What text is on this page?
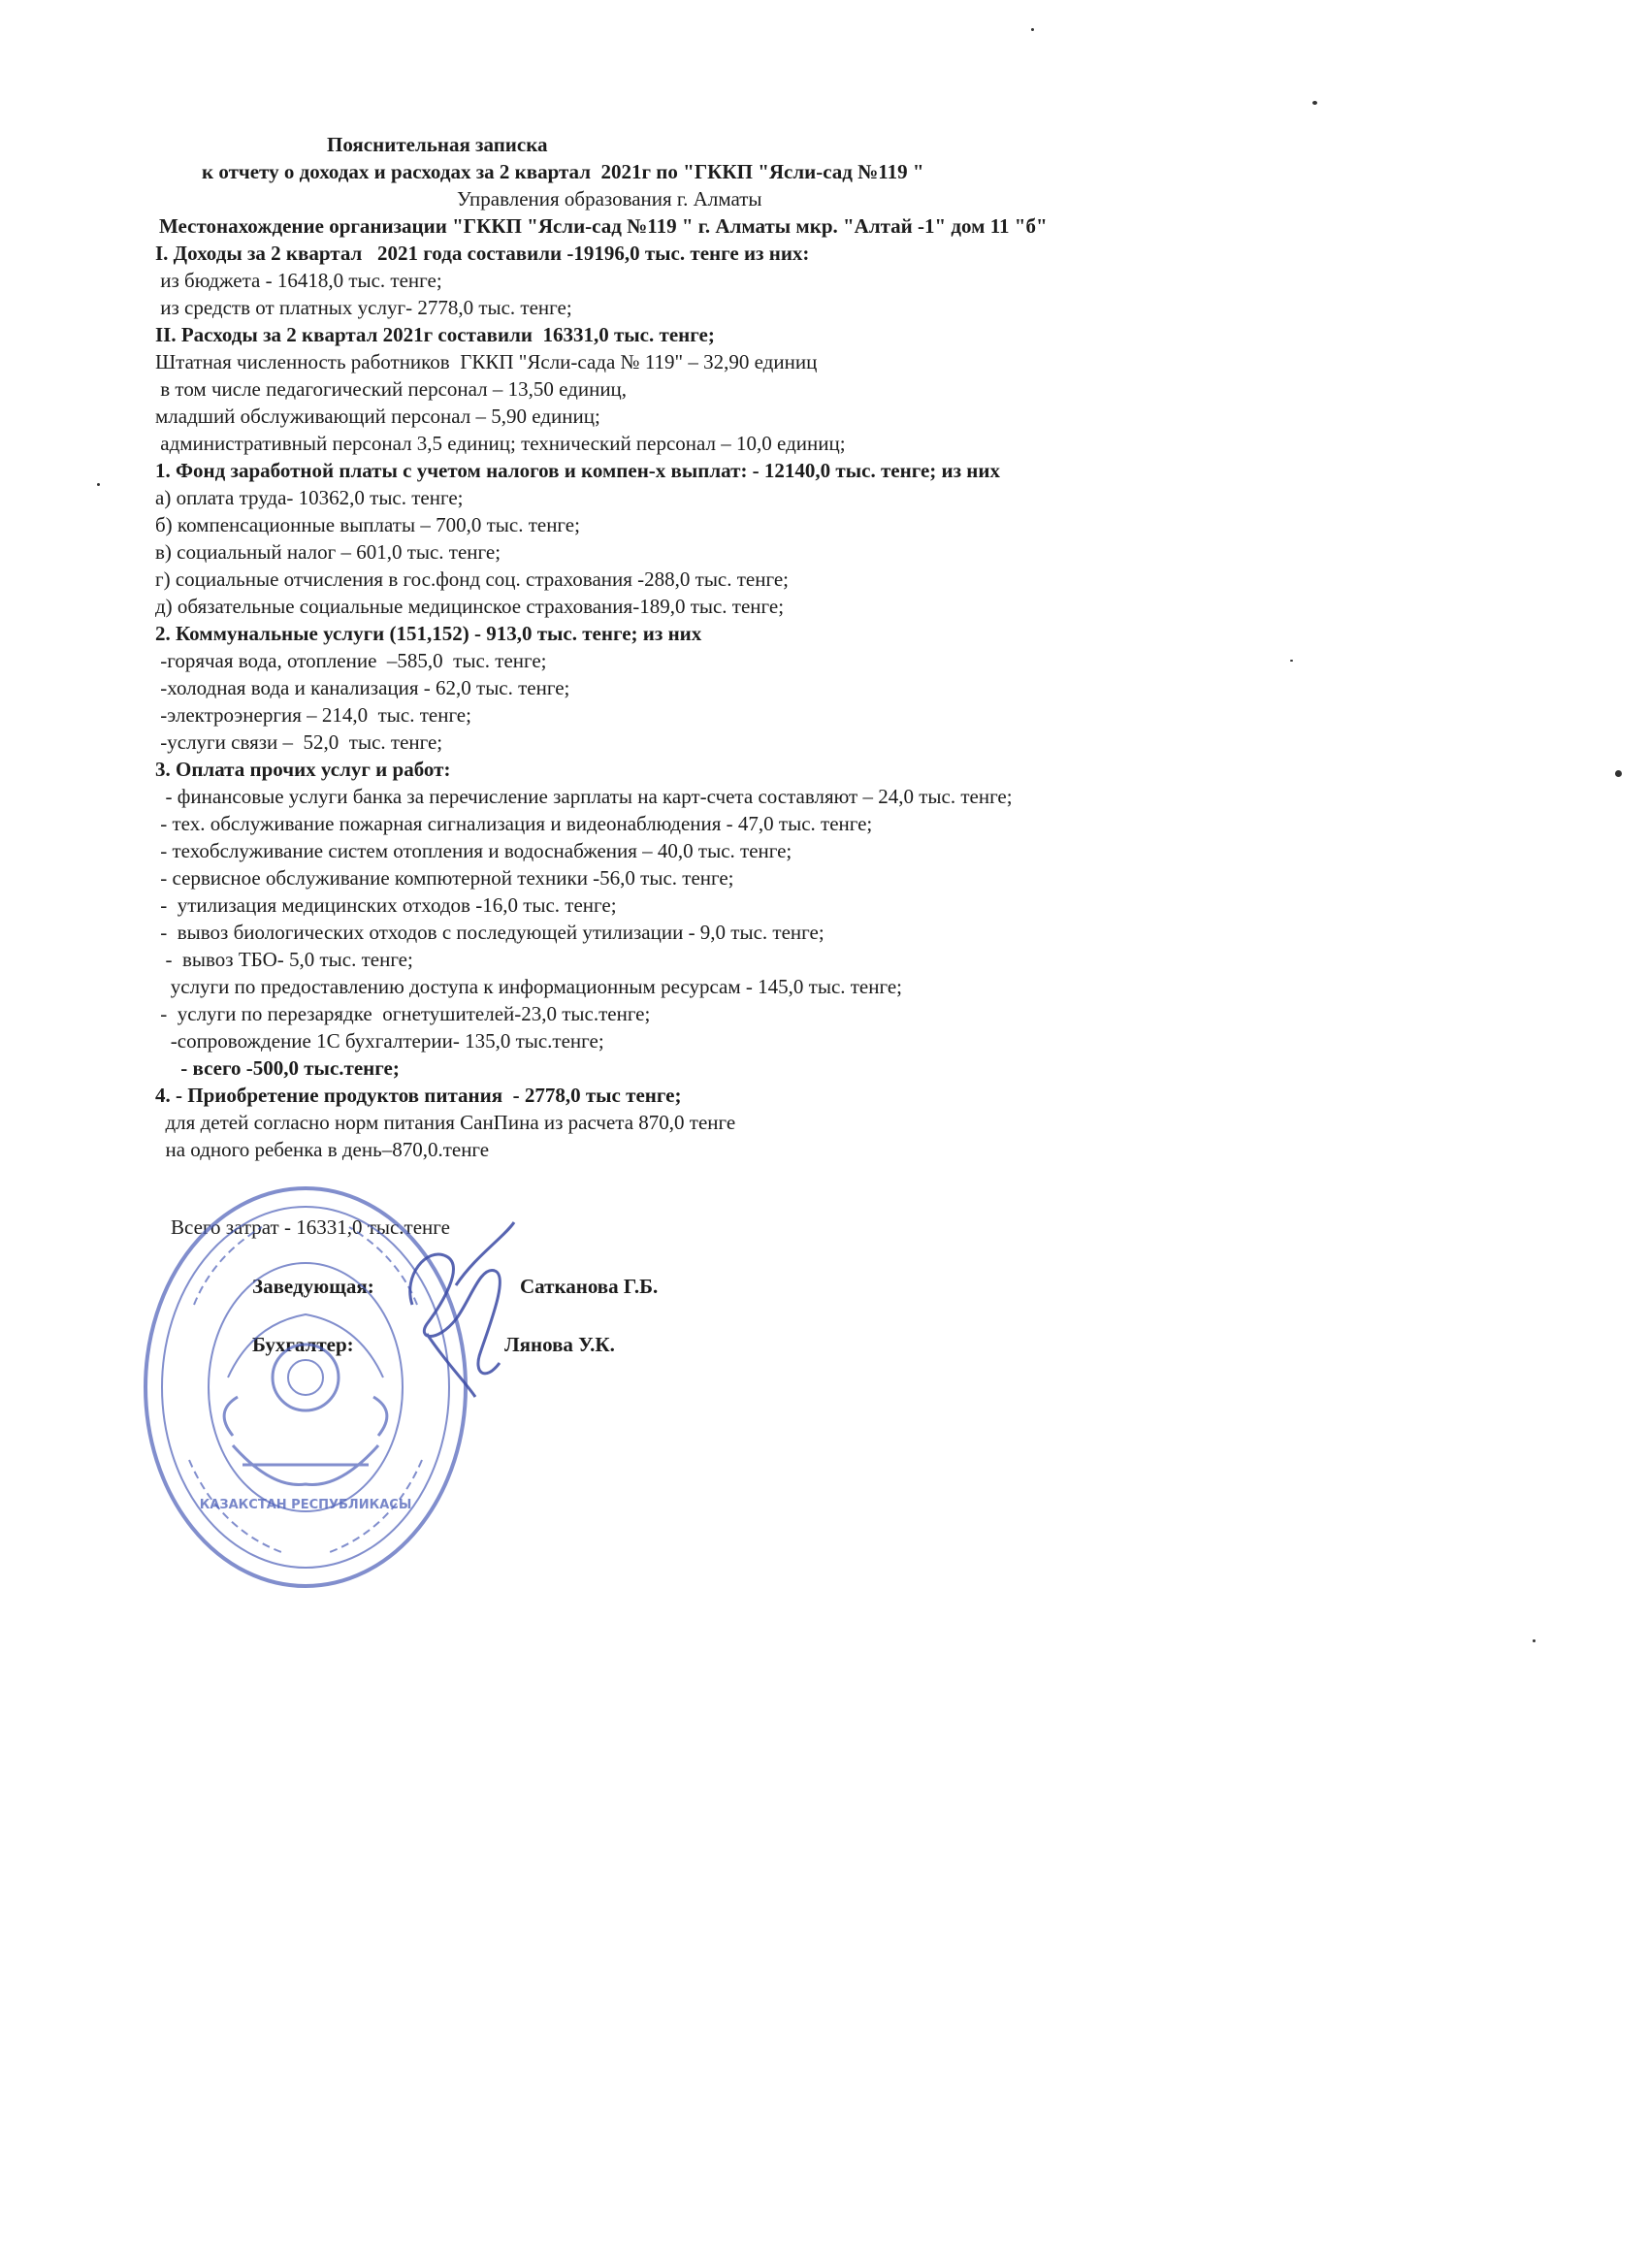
Пояснительная записка
к отчету о доходах и расходах за 2 квартал  2021г по "ГККП "Ясли-сад №119 "
Управления образования г. Алматы
Местонахождение организации "ГККП "Ясли-сад №119 " г. Алматы мкр. "Алтай -1" дом 11 "б"
I. Доходы за 2 квартал   2021 года составили -19196,0 тыс. тенге из них:
из бюджета - 16418,0 тыс. тенге;
из средств от платных услуг- 2778,0 тыс. тенге;
II. Расходы за 2 квартал 2021г составили  16331,0 тыс. тенге;
Штатная численность работников  ГККП "Ясли-сада № 119" – 32,90 единиц
в том числе педагогический персонал – 13,50 единиц,
младший обслуживающий персонал – 5,90 единиц;
административный персонал 3,5 единиц; технический персонал – 10,0 единиц;
1. Фонд заработной платы с учетом налогов и компен-х выплат: - 12140,0 тыс. тенге; из них
а) оплата труда- 10362,0 тыс. тенге;
б) компенсационные выплаты – 700,0 тыс. тенге;
в) социальный налог – 601,0 тыс. тенге;
г) социальные отчисления в гос.фонд соц. страхования -288,0 тыс. тенге;
д) обязательные социальные медицинское страхования-189,0 тыс. тенге;
2. Коммунальные услуги (151,152) - 913,0 тыс. тенге; из них
-горячая вода, отопление  –585,0  тыс. тенге;
-холодная вода и канализация - 62,0 тыс. тенге;
-электроэнергия – 214,0  тыс. тенге;
-услуги связи –  52,0  тыс. тенге;
3. Оплата прочих услуг и работ:
- финансовые услуги банка за перечисление зарплаты на карт-счета составляют – 24,0 тыс. тенге;
- тех. обслуживание пожарная сигнализация и видеонаблюдения - 47,0 тыс. тенге;
- техобслуживание систем отопления и водоснабжения – 40,0 тыс. тенге;
- сервисное обслуживание компютерной техники -56,0 тыс. тенге;
-  утилизация медицинских отходов -16,0 тыс. тенге;
-  вывоз биологических отходов с последующей утилизации - 9,0 тыс. тенге;
-  вывоз ТБО- 5,0 тыс. тенге;
услуги по предоставлению доступа к информационным ресурсам - 145,0 тыс. тенге;
-  услуги по перезарядке  огнетушителей-23,0 тыс.тенге;
-сопровождение 1С бухгалтерии- 135,0 тыс.тенге;
- всего -500,0 тыс.тенге;
4. - Приобретение продуктов питания  - 2778,0 тыс тенге;
для детей согласно норм питания СанПина из расчета 870,0 тенге
на одного ребенка в день–870,0.тенге
Всего затрат - 16331,0 тыс.тенге
Заведующая:	Сатканова Г.Б.
Бухгалтер:	Лянова У.К.
КАЗАКСТАН РЕСПУБЛИКАСЫ
